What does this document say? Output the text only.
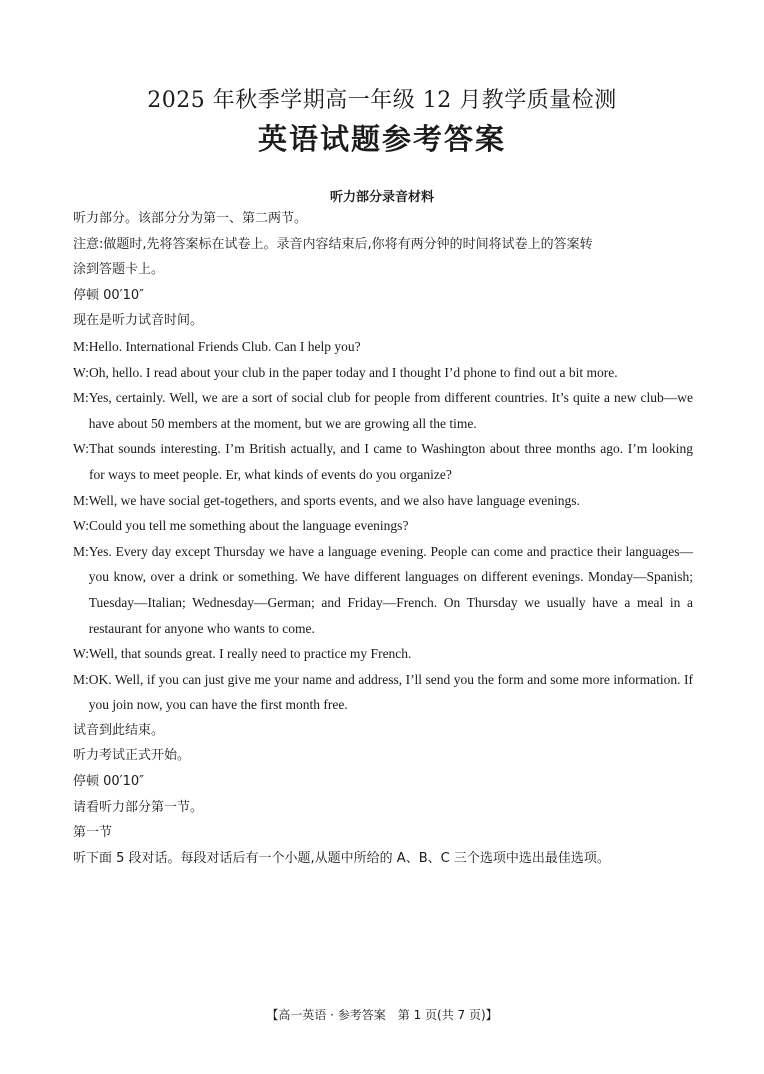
2025 年秋季学期高一年级 12 月教学质量检测
英语试题参考答案
听力部分录音材料
听力部分。该部分分为第一、第二两节。
注意:做题时,先将答案标在试卷上。录音内容结束后,你将有两分钟的时间将试卷上的答案转
涂到答题卡上。
停顿 00′10″
现在是听力试音时间。
M: Hello. International Friends Club. Can I help you?
W: Oh, hello. I read about your club in the paper today and I thought I’d phone to find out a bit more.
M: Yes, certainly. Well, we are a sort of social club for people from different countries. It’s quite a new club—we have about 50 members at the moment, but we are growing all the time.
W: That sounds interesting. I’m British actually, and I came to Washington about three months ago. I’m looking for ways to meet people. Er, what kinds of events do you organize?
M: Well, we have social get-togethers, and sports events, and we also have language evenings.
W: Could you tell me something about the language evenings?
M: Yes. Every day except Thursday we have a language evening. People can come and practice their languages—you know, over a drink or something. We have different languages on different evenings. Monday—Spanish; Tuesday—Italian; Wednesday—German; and Friday—French. On Thursday we usually have a meal in a restaurant for anyone who wants to come.
W: Well, that sounds great. I really need to practice my French.
M: OK. Well, if you can just give me your name and address, I’ll send you the form and some more information. If you join now, you can have the first month free.
试音到此结束。
听力考试正式开始。
停顿 00′10″
请看听力部分第一节。
第一节
听下面 5 段对话。每段对话后有一个小题,从题中所给的 A、B、C 三个选项中选出最佳选项。
【高一英语 · 参考答案　第 1 页(共 7 页)】
